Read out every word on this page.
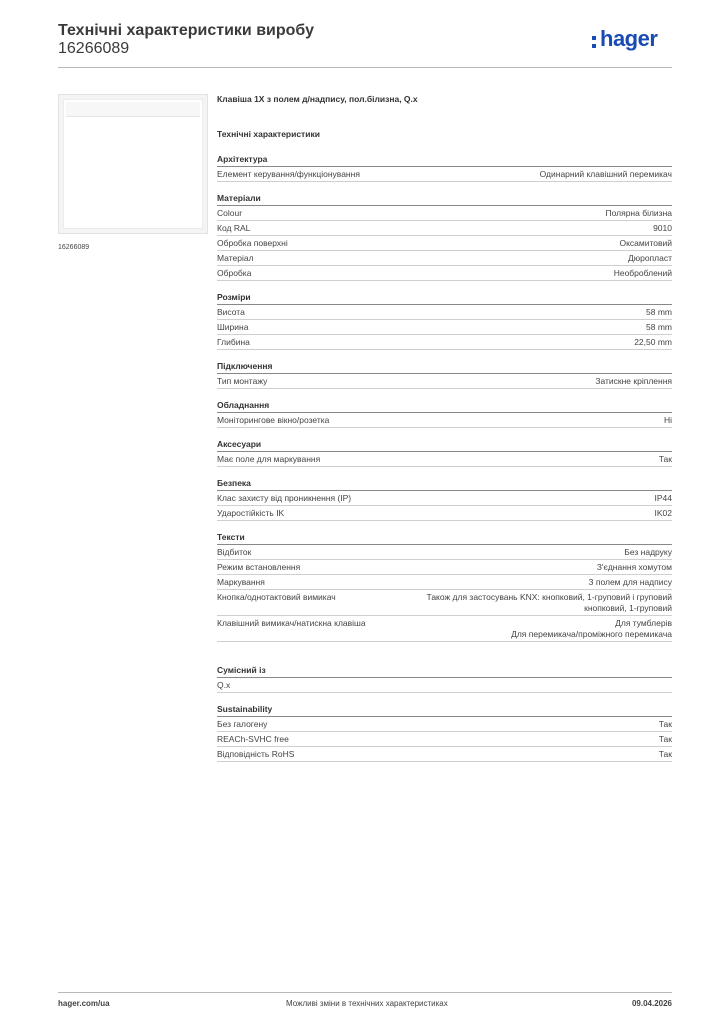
Технічні характеристики виробу
16266089	hager
16266089
Клавіша 1X з полем д/надпису, пол.білизна, Q.x
Технічні характеристики
Архітектура
Елемент керування/функціонування	Одинарний клавішний перемикач
Матеріали
Colour	Полярна білизна
Код RAL	9010
Обробка поверхні	Оксамитовий
Матеріал	Дюропласт
Обробка	Необроблений
Розміри
Висота	58 mm
Ширина	58 mm
Глибина	22,50 mm
Підключення
Тип монтажу	Затискне кріплення
Обладнання
Моніторингове вікно/розетка	Ні
Аксесуари
Має поле для маркування	Так
Безпека
Клас захисту від проникнення (IP)	IP44
Ударостійкість IK	IK02
Тексти
Відбиток	Без надруку
Режим встановлення	З'єднання хомутом
Маркування	З полем для надпису
Кнопка/однотактовий вимикач	Також для застосувань KNX: кнопковий, 1-груповий і груповий
кнопковий, 1-груповий
Клавішний вимикач/натискна клавіша	Для тумблерів
Для перемикача/проміжного перемикача
Сумісний із
Q.x
Sustainability
Без галогену	Так
REACh-SVHC free	Так
Відповідність RoHS	Так
hager.com/ua	Можливі зміни в технічних характеристиках	09.04.2026
